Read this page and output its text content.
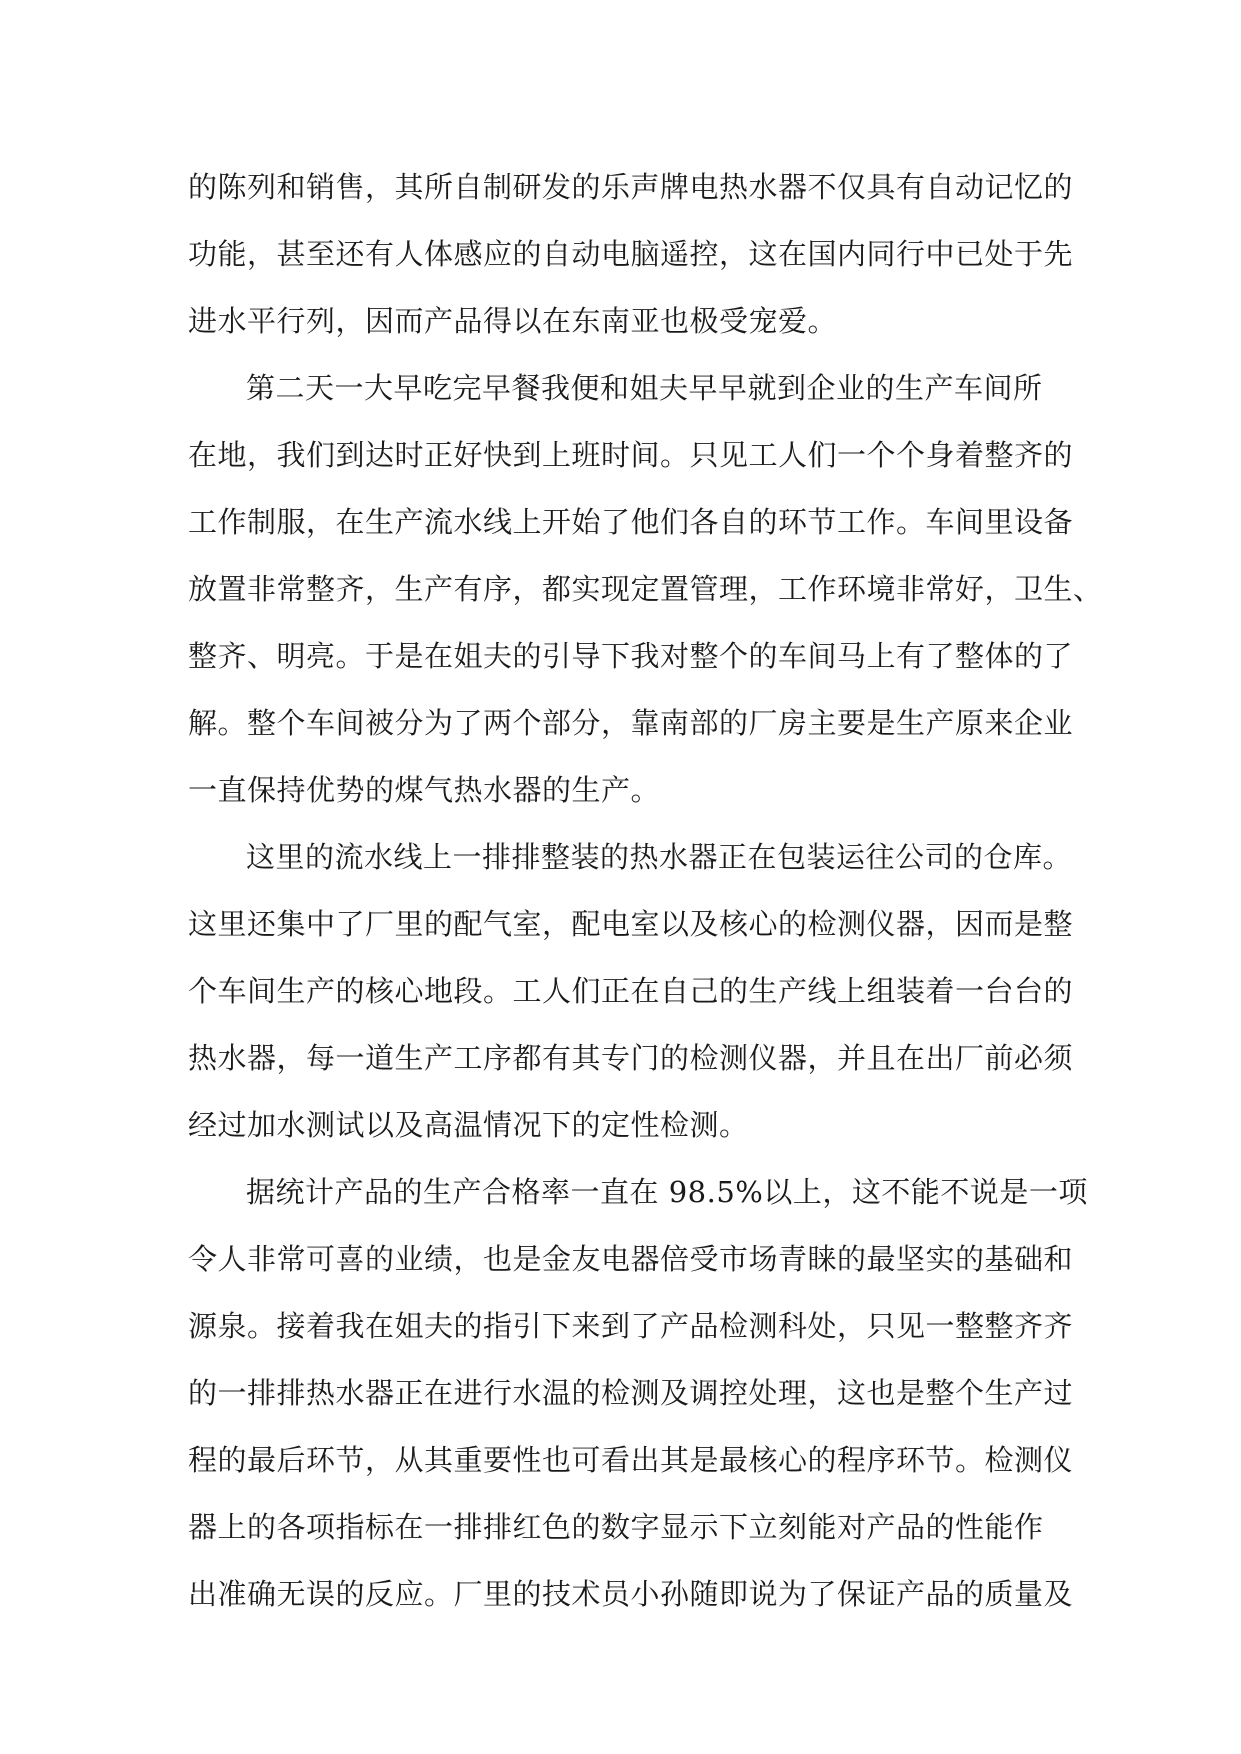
的陈列和销售，其所自制研发的乐声牌电热水器不仅具有自动记忆的
功能，甚至还有人体感应的自动电脑遥控，这在国内同行中已处于先
进水平行列，因而产品得以在东南亚也极受宠爱。
第二天一大早吃完早餐我便和姐夫早早就到企业的生产车间所
在地，我们到达时正好快到上班时间。只见工人们一个个身着整齐的
工作制服，在生产流水线上开始了他们各自的环节工作。车间里设备
放置非常整齐，生产有序，都实现定置管理，工作环境非常好，卫生、
整齐、明亮。于是在姐夫的引导下我对整个的车间马上有了整体的了
解。整个车间被分为了两个部分，靠南部的厂房主要是生产原来企业
一直保持优势的煤气热水器的生产。
这里的流水线上一排排整装的热水器正在包装运往公司的仓库。
这里还集中了厂里的配气室，配电室以及核心的检测仪器，因而是整
个车间生产的核心地段。工人们正在自己的生产线上组装着一台台的
热水器，每一道生产工序都有其专门的检测仪器，并且在出厂前必须
经过加水测试以及高温情况下的定性检测。
据统计产品的生产合格率一直在 98.5%以上，这不能不说是一项
令人非常可喜的业绩，也是金友电器倍受市场青睐的最坚实的基础和
源泉。接着我在姐夫的指引下来到了产品检测科处，只见一整整齐齐
的一排排热水器正在进行水温的检测及调控处理，这也是整个生产过
程的最后环节，从其重要性也可看出其是最核心的程序环节。检测仪
器上的各项指标在一排排红色的数字显示下立刻能对产品的性能作
出准确无误的反应。厂里的技术员小孙随即说为了保证产品的质量及
